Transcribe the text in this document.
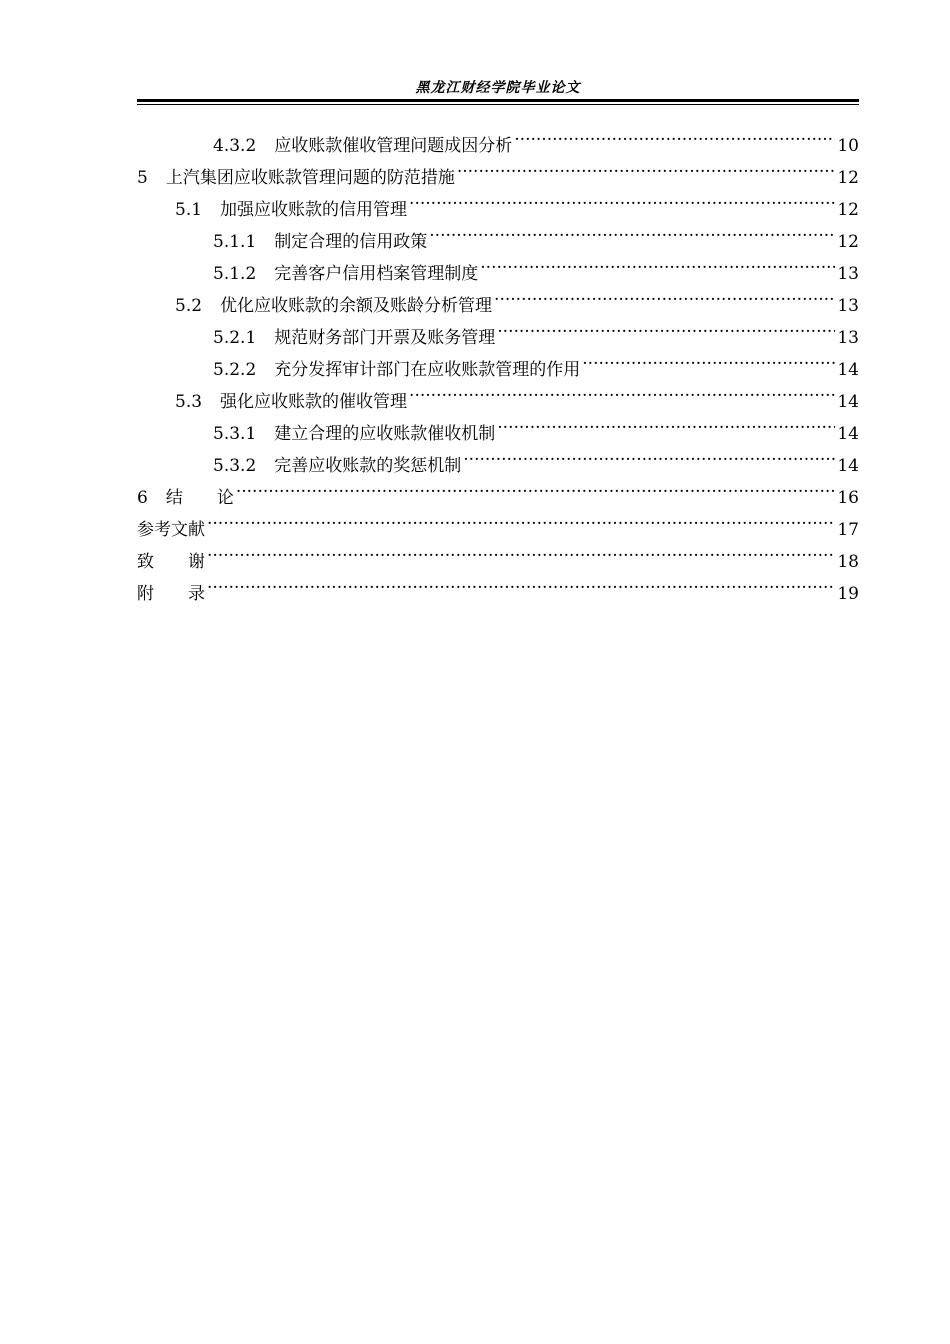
黑龙江财经学院毕业论文
4.3.2	应收账款催收管理问题成因分析 .....	10
5	上汽集团应收账款管理问题的防范措施 .....	12
5.1	加强应收账款的信用管理 .....	12
5.1.1	制定合理的信用政策 .....	12
5.1.2	完善客户信用档案管理制度 .....	13
5.2	优化应收账款的余额及账龄分析管理 .....	13
5.2.1	规范财务部门开票及账务管理 .....	13
5.2.2	充分发挥审计部门在应收账款管理的作用 .....	14
5.3	强化应收账款的催收管理 .....	14
5.3.1	建立合理的应收账款催收机制 .....	14
5.3.2	完善应收账款的奖惩机制 .....	14
6	结　　论 .....	16
参考文献 .....	17
致　　谢 .....	18
附　　录 .....	19
